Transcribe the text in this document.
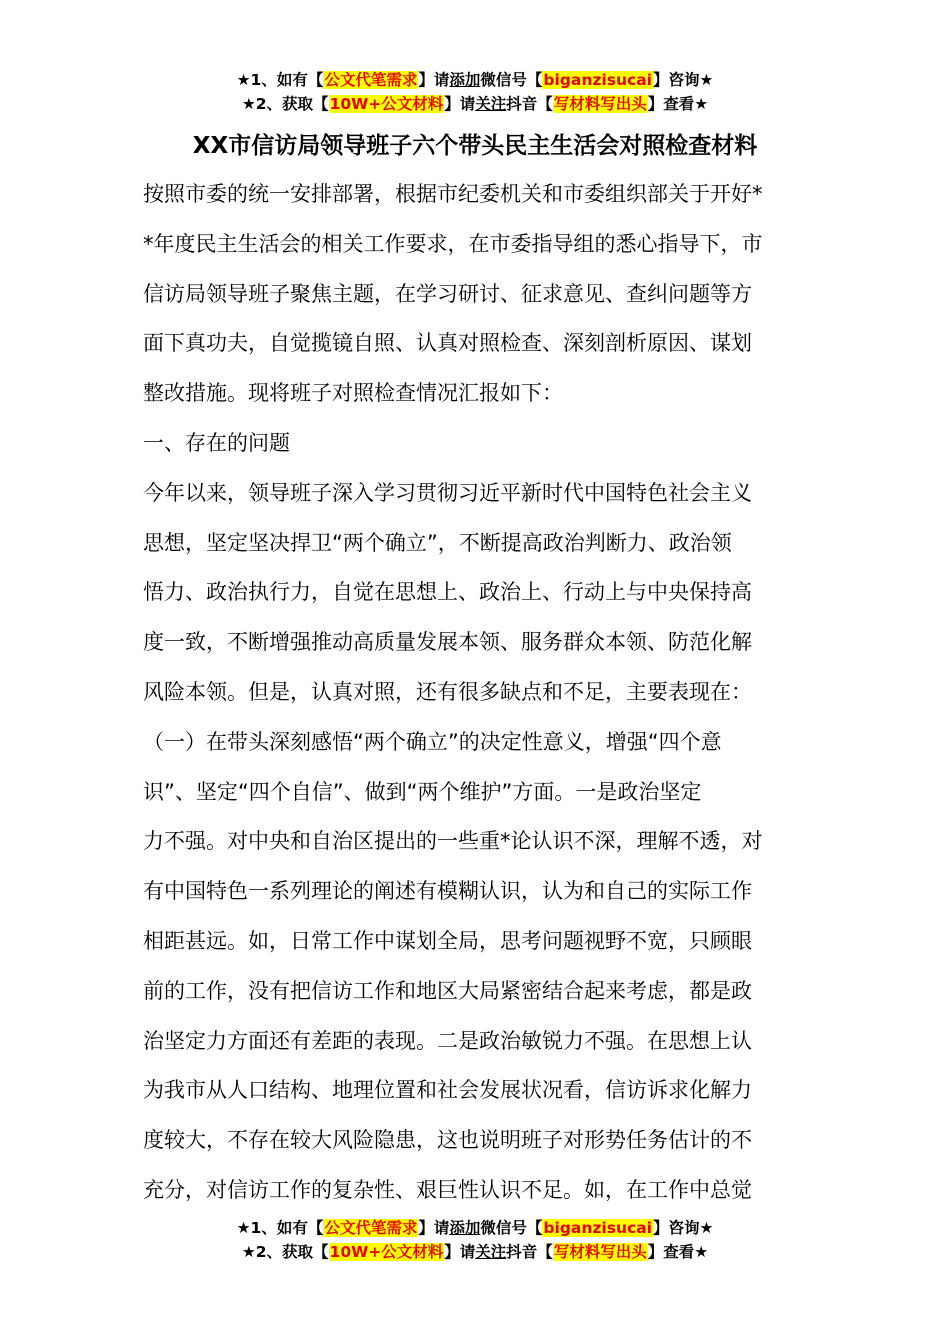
★1、如有【公文代笔需求】请添加微信号【biganzisucai】咨询★
★2、获取【10W+公文材料】请关注抖音【写材料写出头】查看★
XX市信访局领导班子六个带头民主生活会对照检查材料
按照市委的统一安排部署，根据市纪委机关和市委组织部关于开好*
*年度民主生活会的相关工作要求，在市委指导组的悉心指导下，市
信访局领导班子聚焦主题，在学习研讨、征求意见、查纠问题等方
面下真功夫，自觉揽镜自照、认真对照检查、深刻剖析原因、谋划
整改措施。现将班子对照检查情况汇报如下：
一、存在的问题
今年以来，领导班子深入学习贯彻习近平新时代中国特色社会主义
思想，坚定坚决捍卫“两个确立”，不断提高政治判断力、政治领
悟力、政治执行力，自觉在思想上、政治上、行动上与中央保持高
度一致，不断增强推动高质量发展本领、服务群众本领、防范化解
风险本领。但是，认真对照，还有很多缺点和不足，主要表现在：
（一）在带头深刻感悟“两个确立”的决定性意义，增强“四个意
识”、坚定“四个自信”、做到“两个维护”方面。一是政治坚定
力不强。对中央和自治区提出的一些重*论认识不深，理解不透，对
有中国特色一系列理论的阐述有模糊认识，认为和自己的实际工作
相距甚远。如，日常工作中谋划全局，思考问题视野不宽，只顾眼
前的工作，没有把信访工作和地区大局紧密结合起来考虑，都是政
治坚定力方面还有差距的表现。二是政治敏锐力不强。在思想上认
为我市从人口结构、地理位置和社会发展状况看，信访诉求化解力
度较大，不存在较大风险隐患，这也说明班子对形势任务估计的不
充分，对信访工作的复杂性、艰巨性认识不足。如，在工作中总觉
★1、如有【公文代笔需求】请添加微信号【biganzisucai】咨询★
★2、获取【10W+公文材料】请关注抖音【写材料写出头】查看★
